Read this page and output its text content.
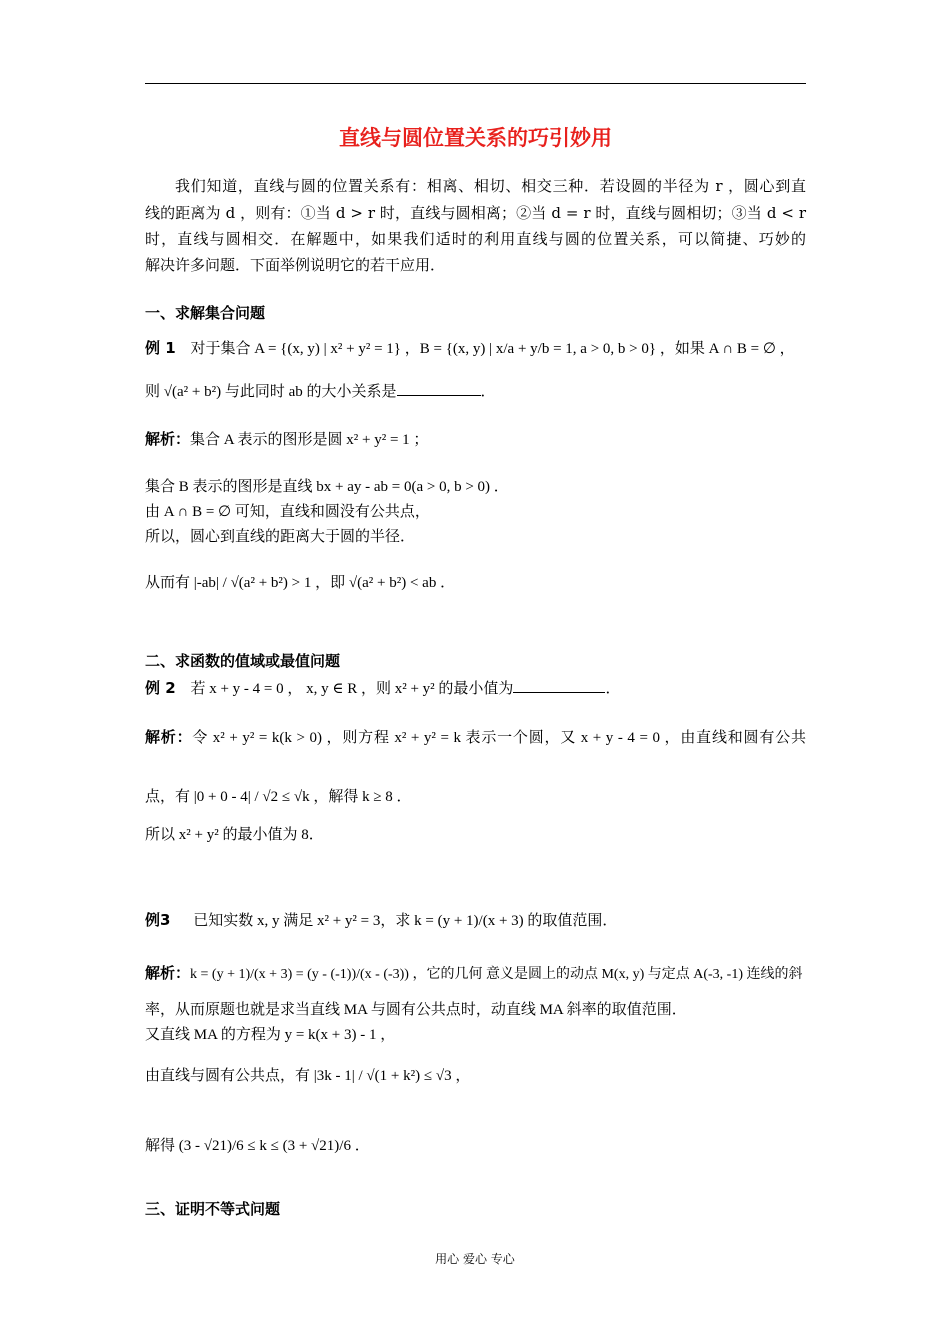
直线与圆位置关系的巧引妙用
我们知道，直线与圆的位置关系有：相离、相切、相交三种．若设圆的半径为 r ，圆心到直
线的距离为 d ，则有：①当 d > r 时，直线与圆相离；②当 d = r 时，直线与圆相切；③当 d < r
时，直线与圆相交．在解题中，如果我们适时的利用直线与圆的位置关系，可以简捷、巧妙的
解决许多问题．下面举例说明它的若干应用．
一、求解集合问题
例 1 对于集合 A = {(x, y) | x² + y² = 1} ，B = {(x, y) | x/a + y/b = 1, a > 0, b > 0} ，如果 A ∩ B = ∅ ，
则 √(a² + b²) 与此同时 ab 的大小关系是	．
解析：集合 A 表示的图形是圆 x² + y² = 1 ；
集合 B 表示的图形是直线 bx + ay - ab = 0(a > 0, b > 0) ．
由 A ∩ B = ∅ 可知，直线和圆没有公共点，
所以，圆心到直线的距离大于圆的半径．
从而有 |-ab| / √(a² + b²) > 1 ，即 √(a² + b²) < ab ．
二、求函数的值域或最值问题
例 2 若 x + y - 4 = 0 ， x, y ∈ R ，则 x² + y² 的最小值为	．
解析：令 x² + y² = k(k > 0) ，则方程 x² + y² = k 表示一个圆，又 x + y - 4 = 0 ，由直线和圆有公共
点，有 |0 + 0 - 4| / √2 ≤ √k ，解得 k ≥ 8 ．
所以 x² + y² 的最小值为 8．
例3 已知实数 x, y 满足 x² + y² = 3，求 k = (y + 1)/(x + 3) 的取值范围．
解析：k = (y + 1)/(x + 3) = (y - (-1))/(x - (-3)) ，它的几何 意义是圆上的动点 M(x, y) 与定点 A(-3, -1) 连线的斜
率，从而原题也就是求当直线 MA 与圆有公共点时，动直线 MA 斜率的取值范围．
又直线 MA 的方程为 y = k(x + 3) - 1 ，
由直线与圆有公共点，有 |3k - 1| / √(1 + k²) ≤ √3 ，
解得 (3 - √21)/6 ≤ k ≤ (3 + √21)/6 ．
三、证明不等式问题
用心 爱心 专心
